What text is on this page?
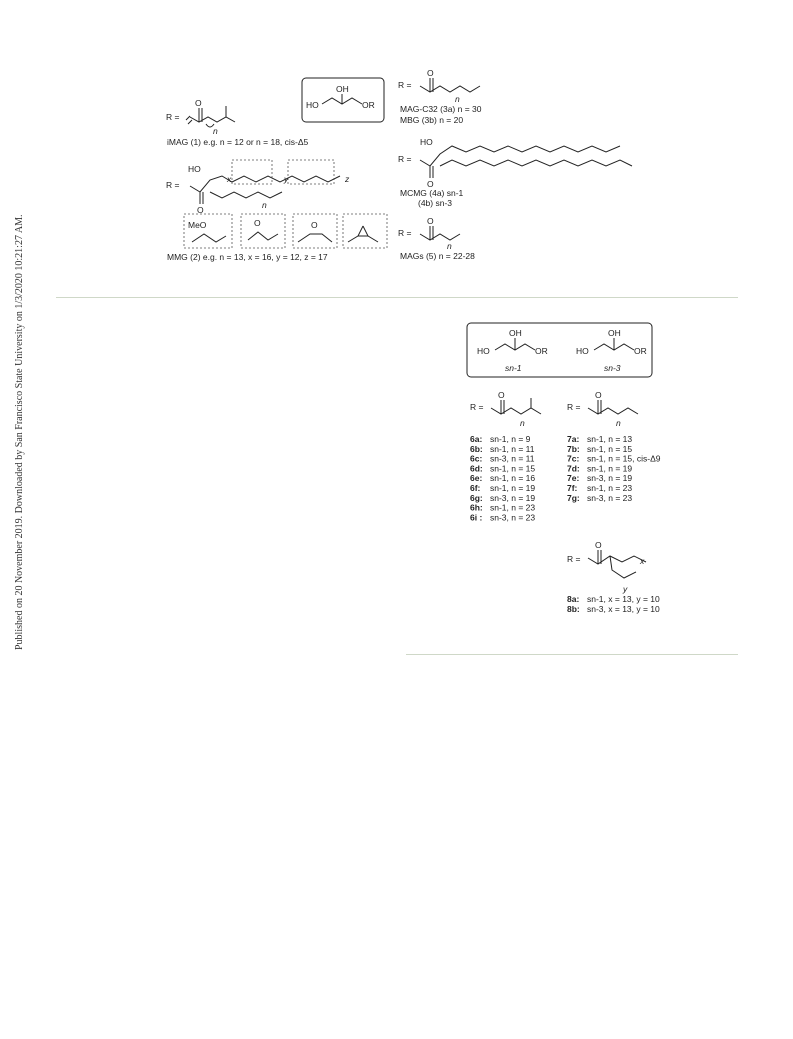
Published on 20 November 2019. Downloaded by San Francisco State University on 1/3/2020 10:21:27 AM.
OH
HO	OR
R =
O
n
iMAG (1) e.g. n = 12 or n = 18, cis-Δ5
HO
R =
O
x	y	z
n
MeO	O	O
MMG (2) e.g. n = 13, x = 16, y = 12, z = 17
R =
O
n
MAG-C32 (3a) n = 30
MBG (3b) n = 20
HO
R =
O
MCMG (4a) sn-1
(4b) sn-3
R =
O
n
MAGs (5) n = 22-28
OH
HO	OR
sn-1
OH
HO	OR
sn-3
R =
O
n
6a: sn-1, n = 9
6b: sn-1, n = 11
6c: sn-3, n = 11
6d: sn-1, n = 15
6e: sn-1, n = 16
6f: sn-1, n = 19
6g: sn-3, n = 19
6h: sn-1, n = 23
6i : sn-3, n = 23
R =
O
n
7a: sn-1, n = 13
7b: sn-1, n = 15
7c: sn-1, n = 15, cis-Δ9
7d: sn-1, n = 19
7e: sn-3, n = 19
7f: sn-1, n = 23
7g: sn-3, n = 23
R =
O
x
y
8a: sn-1, x = 13, y = 10
8b: sn-3, x = 13, y = 10
